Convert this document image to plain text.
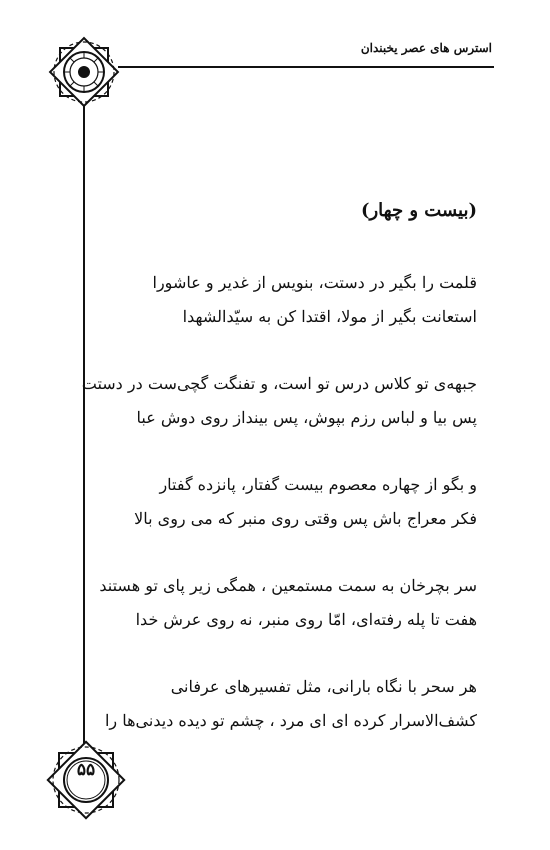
استرس های عصر یخبندان
۵۵
(بیست و چهار)
قلمت را بگیر در دستت، بنویس از غدیر و عاشورا
استعانت بگیر از مولا، اقتدا کن به سیّدالشهدا
جبهه‌ی تو کلاس درس تو است، و تفنگت گچی‌ست در دستت
پس بیا و لباس رزم بپوش، پس بینداز روی دوش عبا
و بگو از چهاره معصوم بیست گفتار، پانزده گفتار
فکر معراج باش پس وقتی روی منبر که می روی بالا
سر بچرخان به سمت مستمعین ، همگی زیر پای تو هستند
هفت تا پله رفته‌ای، امّا روی منبر، نه روی عرش خدا
هر سحر با نگاه بارانی، مثل تفسیرهای عرفانی
کشف‌الاسرار کرده ای ای مرد ، چشم تو دیده دیدنی‌ها را
